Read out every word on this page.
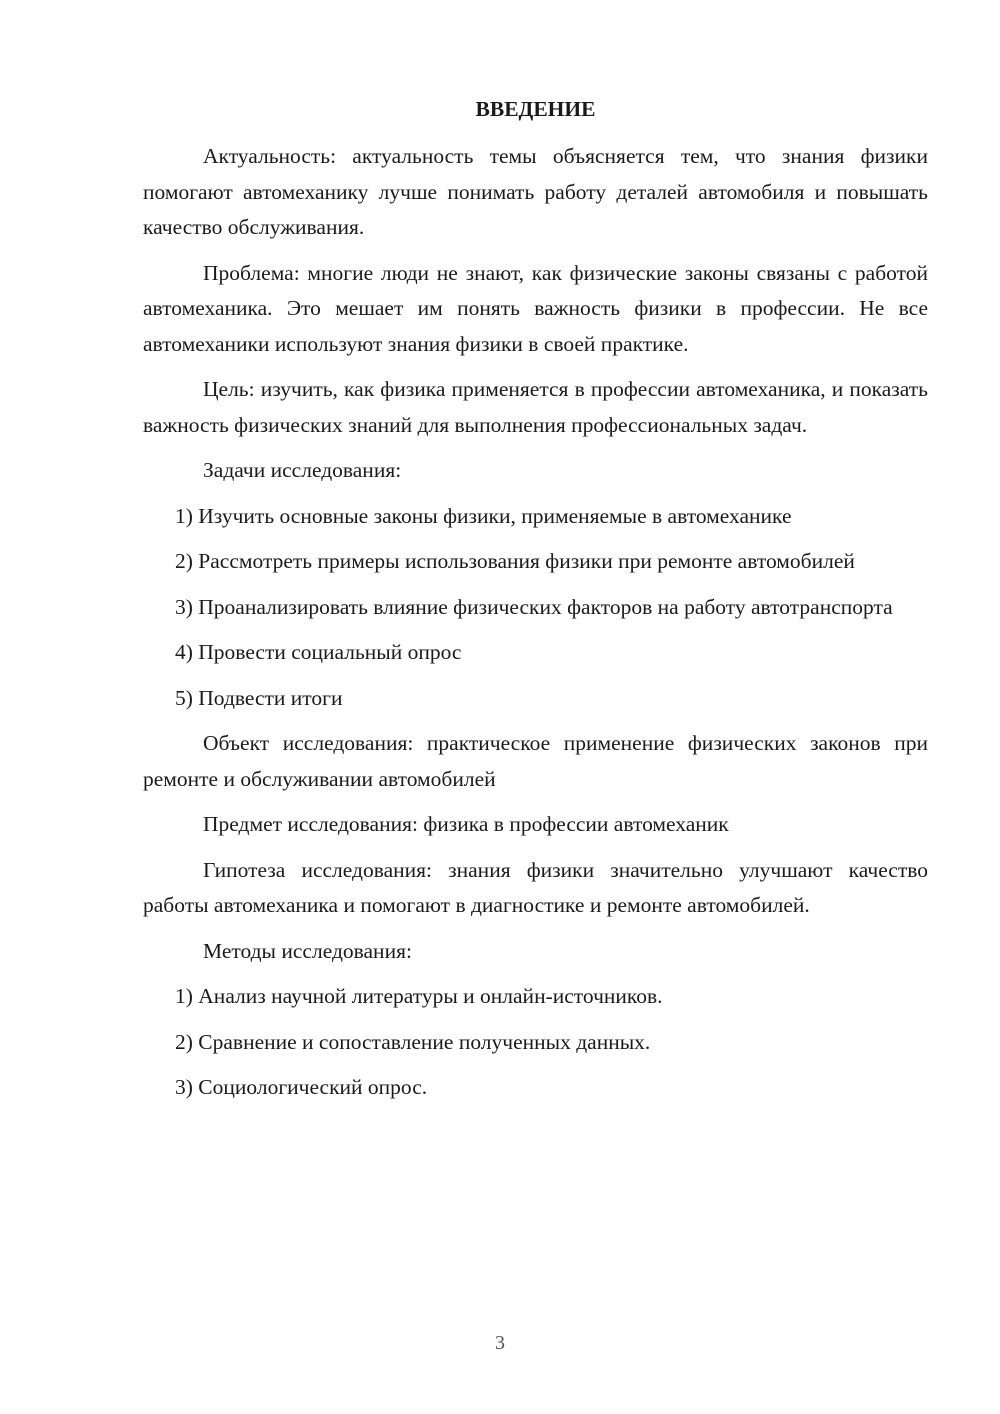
ВВЕДЕНИЕ

Актуальность: актуальность темы объясняется тем, что знания физики помогают автомеханику лучше понимать работу деталей автомобиля и повышать качество обслуживания.

Проблема: многие люди не знают, как физические законы связаны с работой автомеханика. Это мешает им понять важность физики в профессии. Не все автомеханики используют знания физики в своей практике.

Цель: изучить, как физика применяется в профессии автомеханика, и показать важность физических знаний для выполнения профессиональных задач.

Задачи исследования:

1) Изучить основные законы физики, применяемые в автомеханике

2) Рассмотреть примеры использования физики при ремонте автомобилей

3) Проанализировать влияние физических факторов на работу автотранспорта

4) Провести социальный опрос

5) Подвести итоги

Объект исследования: практическое применение физических законов при ремонте и обслуживании автомобилей

Предмет исследования: физика в профессии автомеханик

Гипотеза исследования: знания физики значительно улучшают качество работы автомеханика и помогают в диагностике и ремонте автомобилей.

Методы исследования:

1) Анализ научной литературы и онлайн-источников.

2) Сравнение и сопоставление полученных данных.

3) Социологический опрос.

3
